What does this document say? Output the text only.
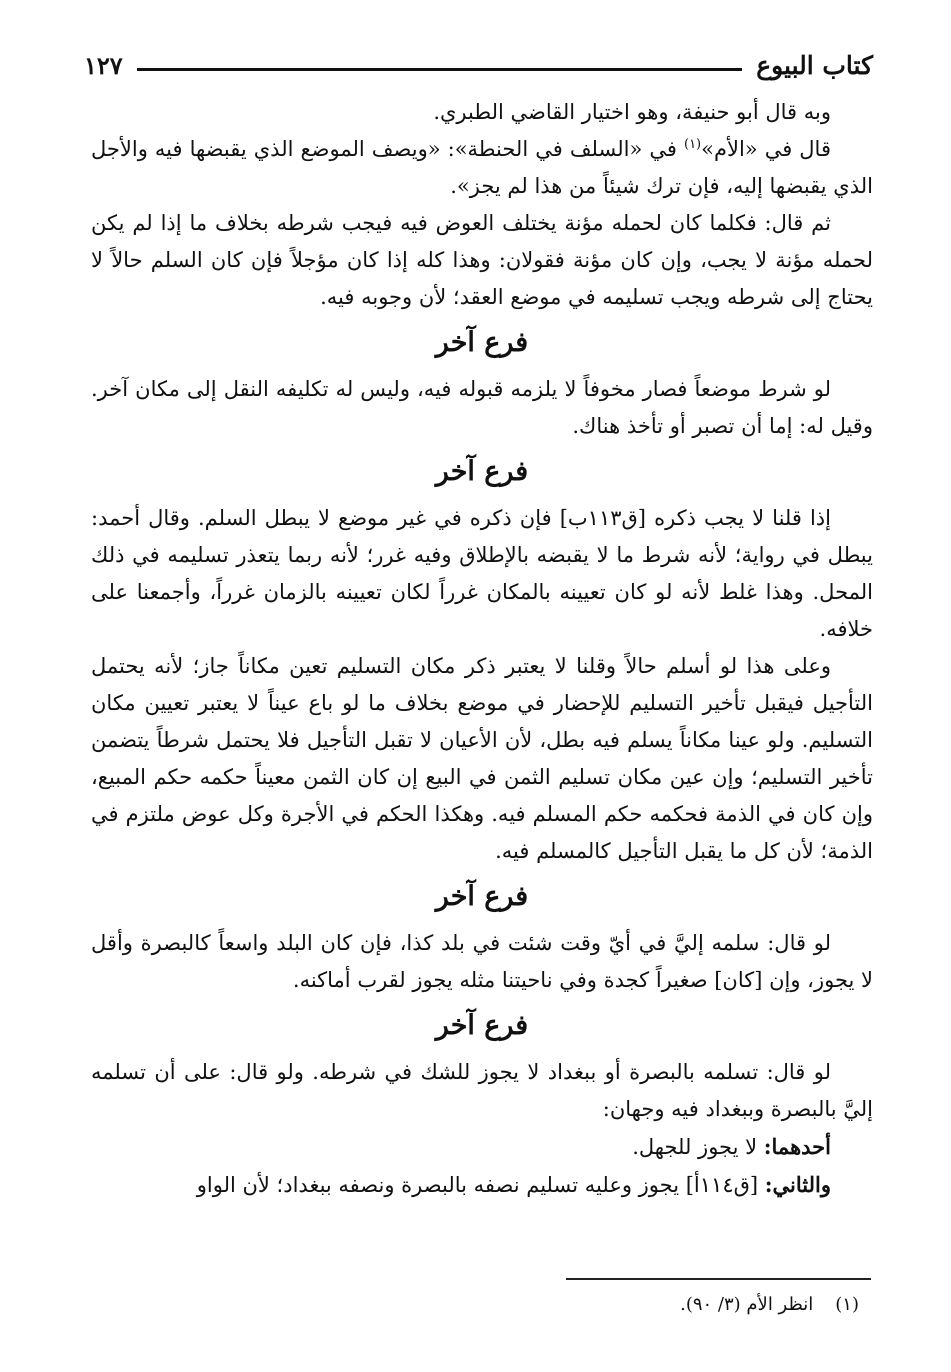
كتاب البيوع
١٢٧

وبه قال أبو حنيفة، وهو اختيار القاضي الطبري.

قال في «الأم»$^{(١)}$ في «السلف في الحنطة»: «ويصف الموضع الذي يقبضها فيه والأجل الذي يقبضها إليه، فإن ترك شيئاً من هذا لم يجز».

ثم قال: فكلما كان لحمله مؤنة يختلف العوض فيه فيجب شرطه بخلاف ما إذا لم يكن لحمله مؤنة لا يجب، وإن كان مؤنة فقولان: وهذا كله إذا كان مؤجلاً فإن كان السلم حالاً لا يحتاج إلى شرطه ويجب تسليمه في موضع العقد؛ لأن وجوبه فيه.

فرع آخر

لو شرط موضعاً فصار مخوفاً لا يلزمه قبوله فيه، وليس له تكليفه النقل إلى مكان آخر. وقيل له: إما أن تصبر أو تأخذ هناك.

فرع آخر

إذا قلنا لا يجب ذكره [ق١١٣ب] فإن ذكره في غير موضع لا يبطل السلم. وقال أحمد: يبطل في رواية؛ لأنه شرط ما لا يقبضه بالإطلاق وفيه غرر؛ لأنه ربما يتعذر تسليمه في ذلك المحل. وهذا غلط لأنه لو كان تعيينه بالمكان غرراً لكان تعيينه بالزمان غرراً، وأجمعنا على خلافه.

وعلى هذا لو أسلم حالاً وقلنا لا يعتبر ذكر مكان التسليم تعين مكاناً جاز؛ لأنه يحتمل التأجيل فيقبل تأخير التسليم للإحضار في موضع بخلاف ما لو باع عيناً لا يعتبر تعيين مكان التسليم. ولو عينا مكاناً يسلم فيه بطل، لأن الأعيان لا تقبل التأجيل فلا يحتمل شرطاً يتضمن تأخير التسليم؛ وإن عين مكان تسليم الثمن في البيع إن كان الثمن معيناً حكمه حكم المبيع، وإن كان في الذمة فحكمه حكم المسلم فيه. وهكذا الحكم في الأجرة وكل عوض ملتزم في الذمة؛ لأن كل ما يقبل التأجيل كالمسلم فيه.

فرع آخر

لو قال: سلمه إليَّ في أيّ وقت شئت في بلد كذا، فإن كان البلد واسعاً كالبصرة وأقل لا يجوز، وإن [كان] صغيراً كجدة وفي ناحيتنا مثله يجوز لقرب أماكنه.

فرع آخر

لو قال: تسلمه بالبصرة أو ببغداد لا يجوز للشك في شرطه. ولو قال: على أن تسلمه إليَّ بالبصرة وببغداد فيه وجهان:

أحدهما: لا يجوز للجهل.

والثاني: [ق١١٤أ] يجوز وعليه تسليم نصفه بالبصرة ونصفه ببغداد؛ لأن الواو

(١)
انظر الأم (٣/ ٩٠).
